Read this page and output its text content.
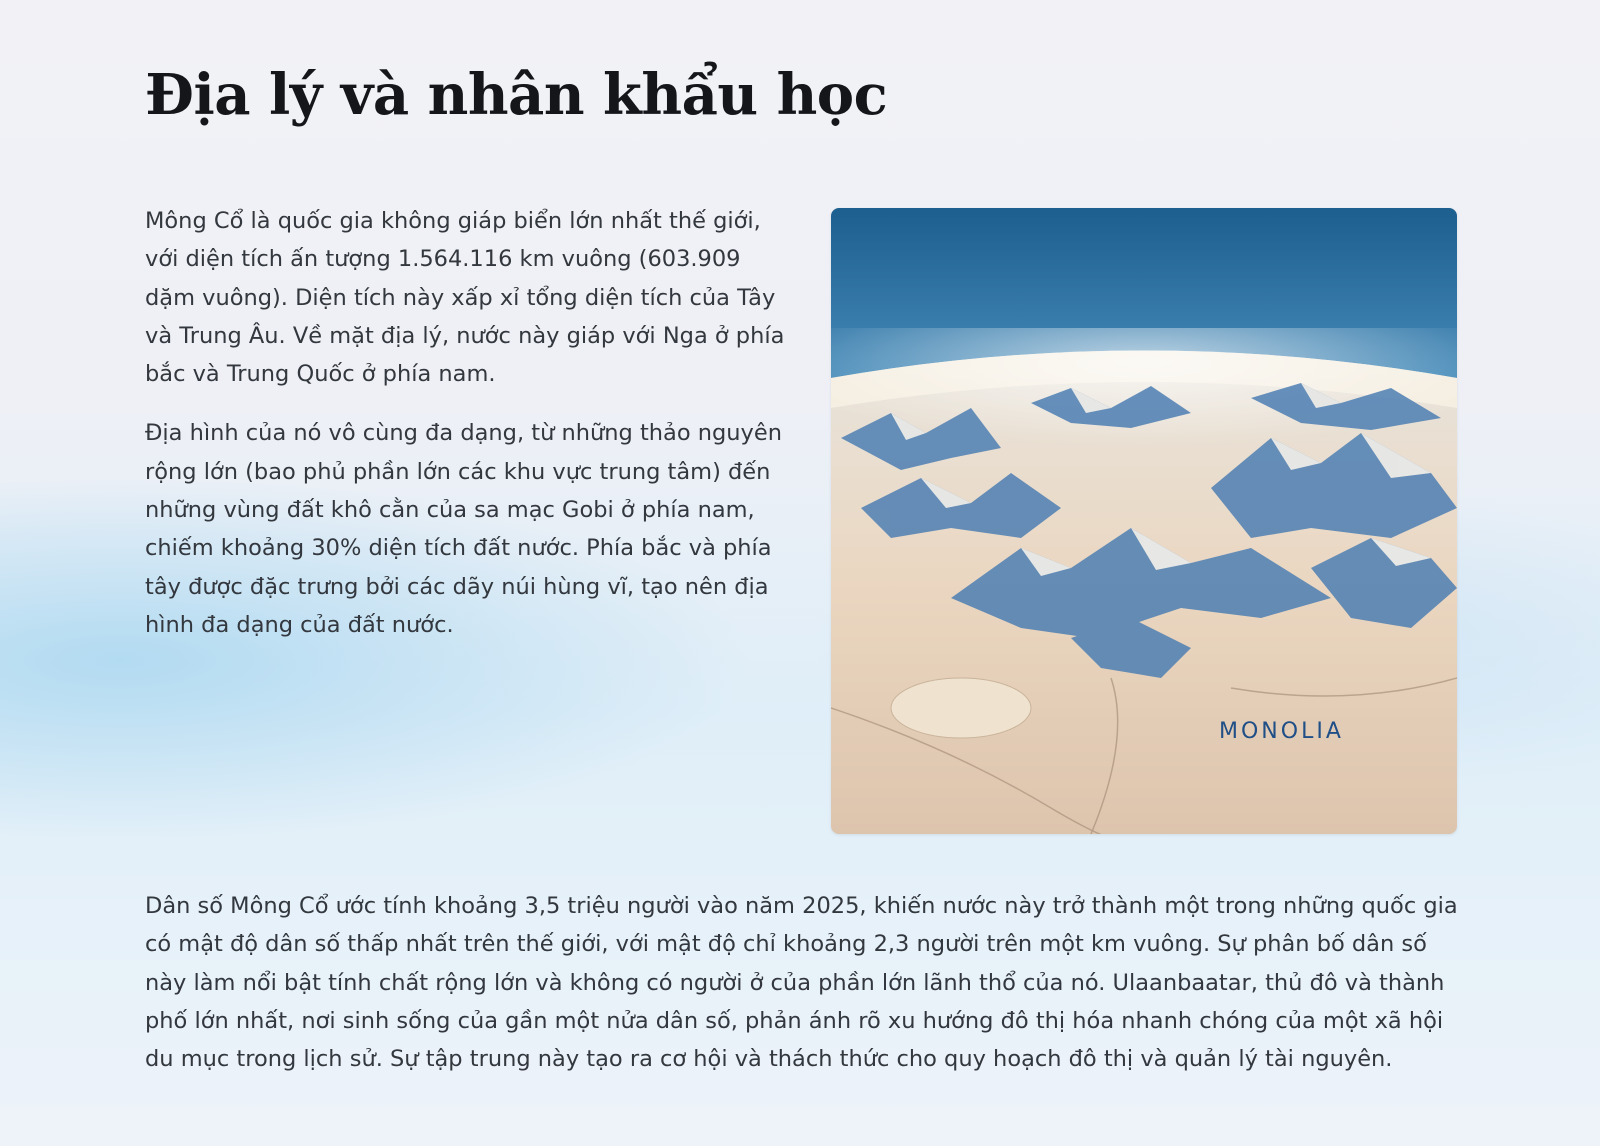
Địa lý và nhân khẩu học

Mông Cổ là quốc gia không giáp biển lớn nhất thế giới, với diện tích ấn tượng 1.564.116 km vuông (603.909 dặm vuông). Diện tích này xấp xỉ tổng diện tích của Tây và Trung Âu. Về mặt địa lý, nước này giáp với Nga ở phía bắc và Trung Quốc ở phía nam.

Địa hình của nó vô cùng đa dạng, từ những thảo nguyên rộng lớn (bao phủ phần lớn các khu vực trung tâm) đến những vùng đất khô cằn của sa mạc Gobi ở phía nam, chiếm khoảng 30% diện tích đất nước. Phía bắc và phía tây được đặc trưng bởi các dãy núi hùng vĩ, tạo nên địa hình đa dạng của đất nước.

MONOLIA

Dân số Mông Cổ ước tính khoảng 3,5 triệu người vào năm 2025, khiến nước này trở thành một trong những quốc gia có mật độ dân số thấp nhất trên thế giới, với mật độ chỉ khoảng 2,3 người trên một km vuông. Sự phân bố dân số này làm nổi bật tính chất rộng lớn và không có người ở của phần lớn lãnh thổ của nó. Ulaanbaatar, thủ đô và thành phố lớn nhất, nơi sinh sống của gần một nửa dân số, phản ánh rõ xu hướng đô thị hóa nhanh chóng của một xã hội du mục trong lịch sử. Sự tập trung này tạo ra cơ hội và thách thức cho quy hoạch đô thị và quản lý tài nguyên.
